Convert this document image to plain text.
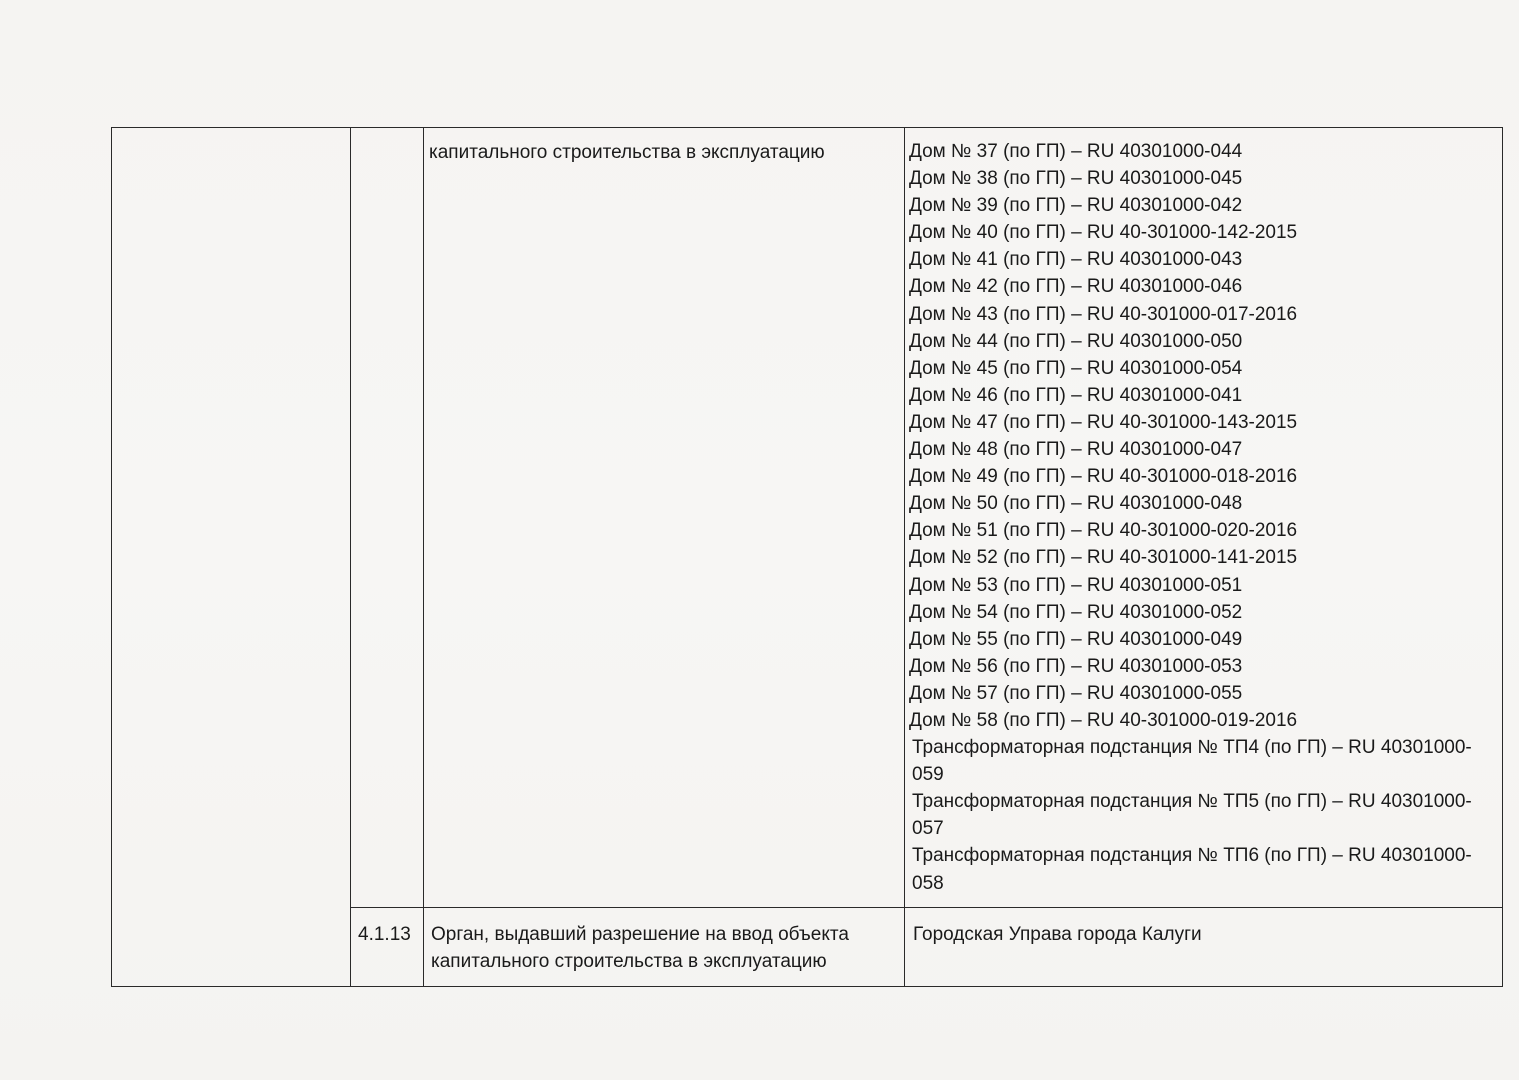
капитального строительства в эксплуатацию	Дом № 37 (по ГП) – RU 40301000-044
Дом № 38 (по ГП) – RU 40301000-045
Дом № 39 (по ГП) – RU 40301000-042
Дом № 40 (по ГП) – RU 40-301000-142-2015
Дом № 41 (по ГП) – RU 40301000-043
Дом № 42 (по ГП) – RU 40301000-046
Дом № 43 (по ГП) – RU 40-301000-017-2016
Дом № 44 (по ГП) – RU 40301000-050
Дом № 45 (по ГП) – RU 40301000-054
Дом № 46 (по ГП) – RU 40301000-041
Дом № 47 (по ГП) – RU 40-301000-143-2015
Дом № 48 (по ГП) – RU 40301000-047
Дом № 49 (по ГП) – RU 40-301000-018-2016
Дом № 50 (по ГП) – RU 40301000-048
Дом № 51 (по ГП) – RU 40-301000-020-2016
Дом № 52 (по ГП) – RU 40-301000-141-2015
Дом № 53 (по ГП) – RU 40301000-051
Дом № 54 (по ГП) – RU 40301000-052
Дом № 55 (по ГП) – RU 40301000-049
Дом № 56 (по ГП) – RU 40301000-053
Дом № 57 (по ГП) – RU 40301000-055
Дом № 58 (по ГП) – RU 40-301000-019-2016
Трансформаторная подстанция № ТП4 (по ГП) – RU 40301000-059
Трансформаторная подстанция № ТП5 (по ГП) – RU 40301000-057
Трансформаторная подстанция № ТП6 (по ГП) – RU 40301000-058
4.1.13 Орган, выдавший разрешение на ввод объекта
капитального строительства в эксплуатацию
Городская Управа города Калуги
